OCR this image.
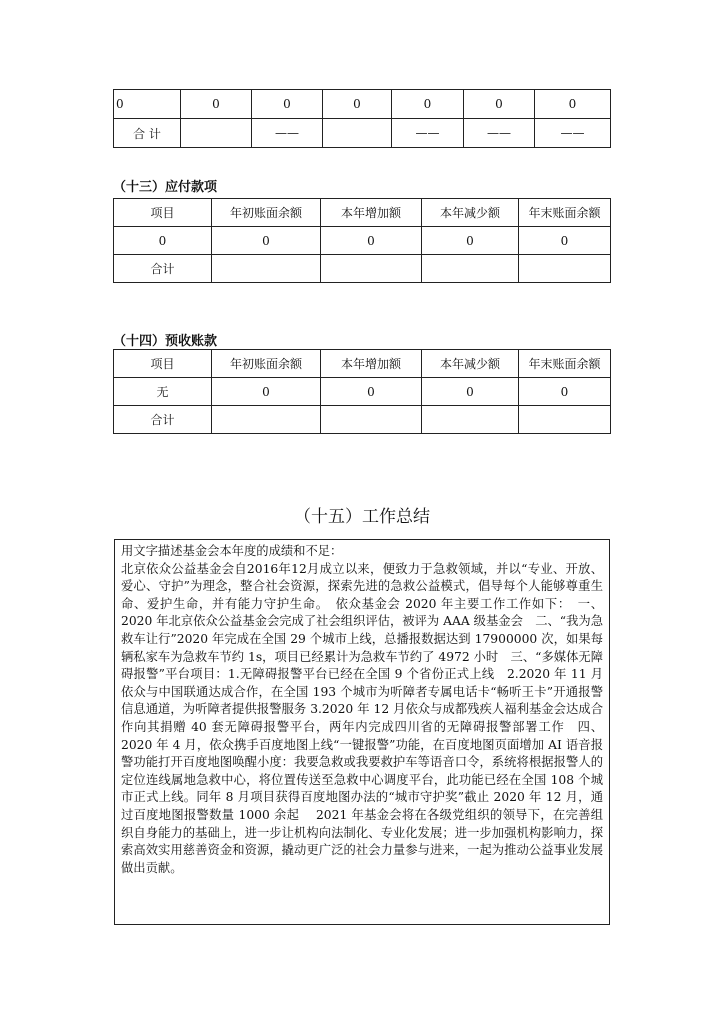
0	0	0	0	0	0	0
合 计		——		——	——	——
（十三）应付款项
项目	年初账面余额	本年增加额	本年减少额	年末账面余额
0	0	0	0	0
合计				
（十四）预收账款
项目	年初账面余额	本年增加额	本年减少额	年末账面余额
无	0	0	0	0
合计				
（十五）工作总结

用文字描述基金会本年度的成绩和不足：

北京依众公益基金会自2016年12月成立以来，便致力于急救领域，并以“专业、开放、爱心、守护”为理念，整合社会资源，探索先进的急救公益模式，倡导每个人能够尊重生命、爱护生命，并有能力守护生命。　依众基金会 2020 年主要工作工作如下：　一、2020 年北京依众公益基金会完成了社会组织评估，被评为 AAA 级基金会　二、“我为急救车让行”2020 年完成在全国 29 个城市上线，总播报数据达到 17900000 次，如果每辆私家车为急救车节约 1s，项目已经累计为急救车节约了 4972 小时　三、“多媒体无障碍报警”平台项目：1.无障碍报警平台已经在全国 9 个省份正式上线　2.2020 年 11 月依众与中国联通达成合作，在全国 193 个城市为听障者专属电话卡“畅听王卡”开通报警信息通道，为听障者提供报警服务 3.2020 年 12 月依众与成都残疾人福利基金会达成合作向其捐赠 40 套无障碍报警平台，两年内完成四川省的无障碍报警部署工作　四、2020 年 4 月，依众携手百度地图上线“一键报警”功能，在百度地图页面增加 AI 语音报警功能打开百度地图唤醒小度：我要急救或我要救护车等语音口令，系统将根据报警人的定位连线属地急救中心，将位置传送至急救中心调度平台，此功能已经在全国 108 个城市正式上线。同年 8 月项目获得百度地图办法的“城市守护奖”截止 2020 年 12 月，通过百度地图报警数量 1000 余起　 2021 年基金会将在各级党组织的领导下，在完善组织自身能力的基础上，进一步让机构向法制化、专业化发展；进一步加强机构影响力，探索高效实用慈善资金和资源，撬动更广泛的社会力量参与进来，一起为推动公益事业发展做出贡献。
